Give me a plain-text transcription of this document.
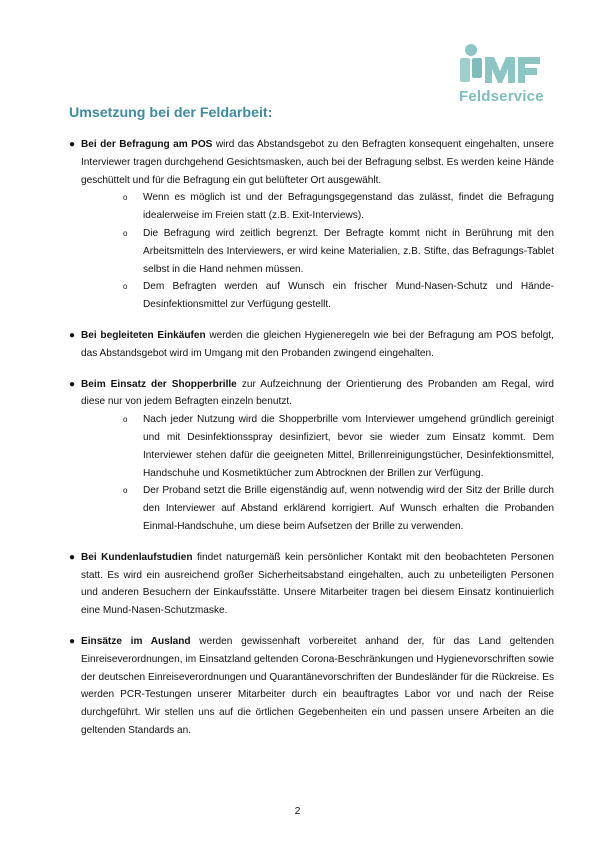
Feldservice
Umsetzung bei der Feldarbeit:
● Bei der Befragung am POS wird das Abstandsgebot zu den Befragten konsequent eingehalten, unsere Interviewer tragen durchgehend Gesichtsmasken, auch bei der Befragung selbst. Es werden keine Hände geschüttelt und für die Befragung ein gut belüfteter Ort ausgewählt.
o Wenn es möglich ist und der Befragungsgegenstand das zulässt, findet die Befragung idealerweise im Freien statt (z.B. Exit-Interviews).
o Die Befragung wird zeitlich begrenzt. Der Befragte kommt nicht in Berührung mit den Arbeitsmitteln des Interviewers, er wird keine Materialien, z.B. Stifte, das Befragungs-Tablet selbst in die Hand nehmen müssen.
o Dem Befragten werden auf Wunsch ein frischer Mund-Nasen-Schutz und Hände-Desinfektionsmittel zur Verfügung gestellt.
● Bei begleiteten Einkäufen werden die gleichen Hygieneregeln wie bei der Befragung am POS befolgt, das Abstandsgebot wird im Umgang mit den Probanden zwingend eingehalten.
● Beim Einsatz der Shopperbrille zur Aufzeichnung der Orientierung des Probanden am Regal, wird diese nur von jedem Befragten einzeln benutzt.
o Nach jeder Nutzung wird die Shopperbrille vom Interviewer umgehend gründlich gereinigt und mit Desinfektionsspray desinfiziert, bevor sie wieder zum Einsatz kommt. Dem Interviewer stehen dafür die geeigneten Mittel, Brillenreinigungstücher, Desinfektionsmittel, Handschuhe und Kosmetiktücher zum Abtrocknen der Brillen zur Verfügung.
o Der Proband setzt die Brille eigenständig auf, wenn notwendig wird der Sitz der Brille durch den Interviewer auf Abstand erklärend korrigiert. Auf Wunsch erhalten die Probanden Einmal-Handschuhe, um diese beim Aufsetzen der Brille zu verwenden.
● Bei Kundenlaufstudien findet naturgemäß kein persönlicher Kontakt mit den beobachteten Personen statt. Es wird ein ausreichend großer Sicherheitsabstand eingehalten, auch zu unbeteiligten Personen und anderen Besuchern der Einkaufsstätte. Unsere Mitarbeiter tragen bei diesem Einsatz kontinuierlich eine Mund-Nasen-Schutzmaske.
● Einsätze im Ausland werden gewissenhaft vorbereitet anhand der, für das Land geltenden Einreiseverordnungen, im Einsatzland geltenden Corona-Beschränkungen und Hygienevorschriften sowie der deutschen Einreiseverordnungen und Quarantänevorschriften der Bundesländer für die Rückreise. Es werden PCR-Testungen unserer Mitarbeiter durch ein beauftragtes Labor vor und nach der Reise durchgeführt. Wir stellen uns auf die örtlichen Gegebenheiten ein und passen unsere Arbeiten an die geltenden Standards an.
2
